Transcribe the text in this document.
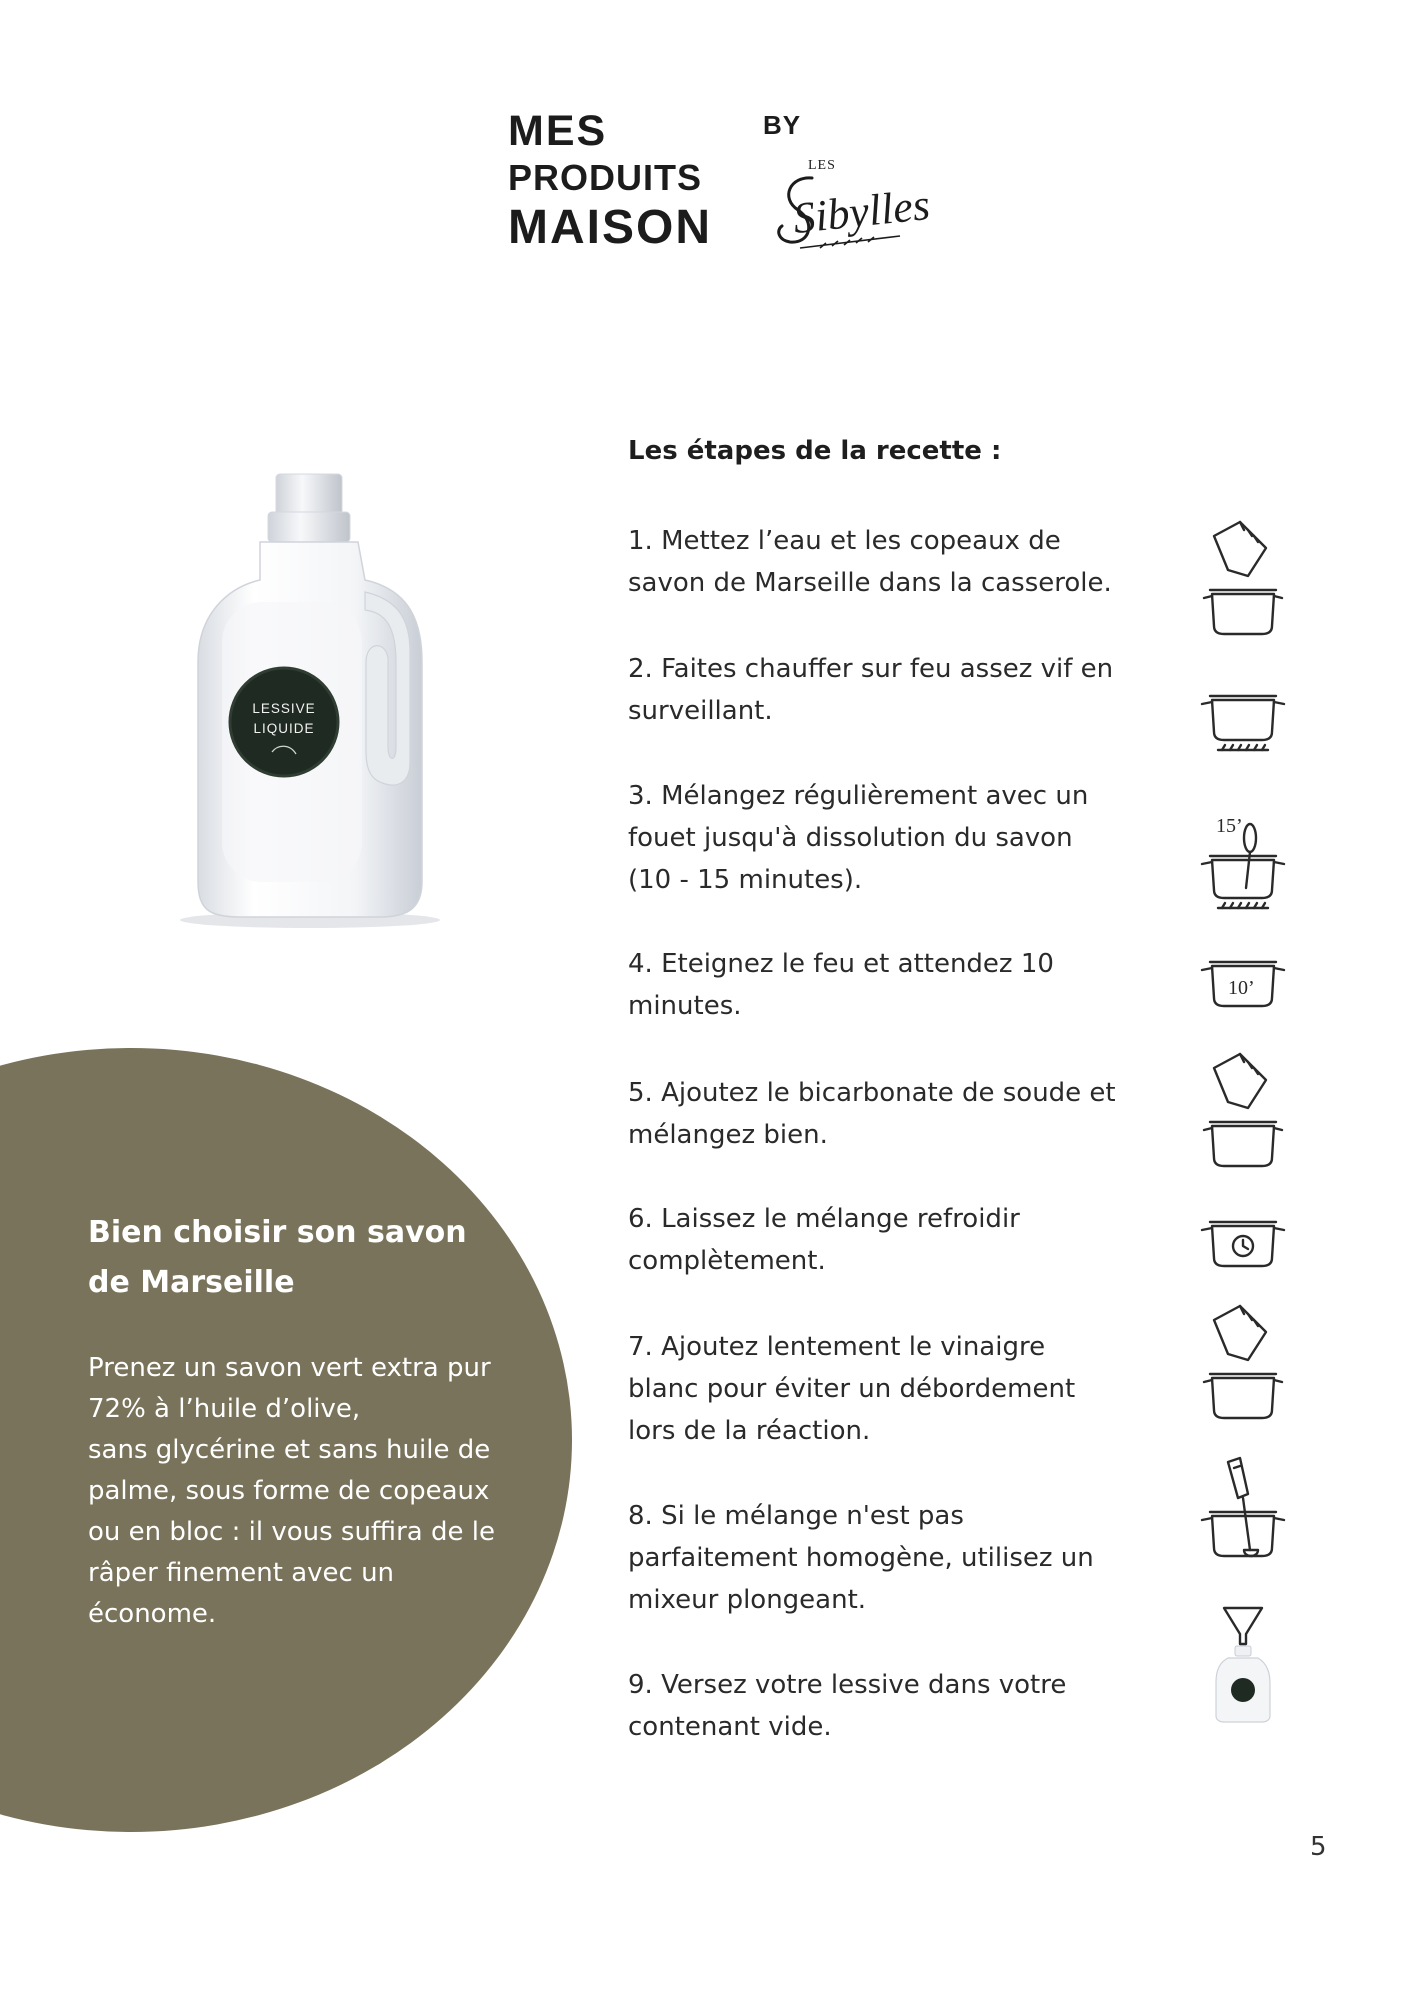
MES
PRODUITS
MAISON
BY
LES
Sibylles
LESSIVE
LIQUIDE
Bien choisir son savon
de Marseille

Prenez un savon vert extra pur
72% à l’huile d’olive,
sans glycérine et sans huile de
palme, sous forme de copeaux
ou en bloc : il vous suffira de le
râper finement avec un
économe.

Les étapes de la recette :
1. Mettez l’eau et les copeaux de
savon de Marseille dans la casserole.
2. Faites chauffer sur feu assez vif en
surveillant.
3. Mélangez régulièrement avec un
fouet jusqu'à dissolution du savon
(10 - 15 minutes).
15’
4. Eteignez le feu et attendez 10
minutes.
10’
5. Ajoutez le bicarbonate de soude et
mélangez bien.
6. Laissez le mélange refroidir
complètement.
7. Ajoutez lentement le vinaigre
blanc pour éviter un débordement
lors de la réaction.
8. Si le mélange n'est pas
parfaitement homogène, utilisez un
mixeur plongeant.
9. Versez votre lessive dans votre
contenant vide.
5
